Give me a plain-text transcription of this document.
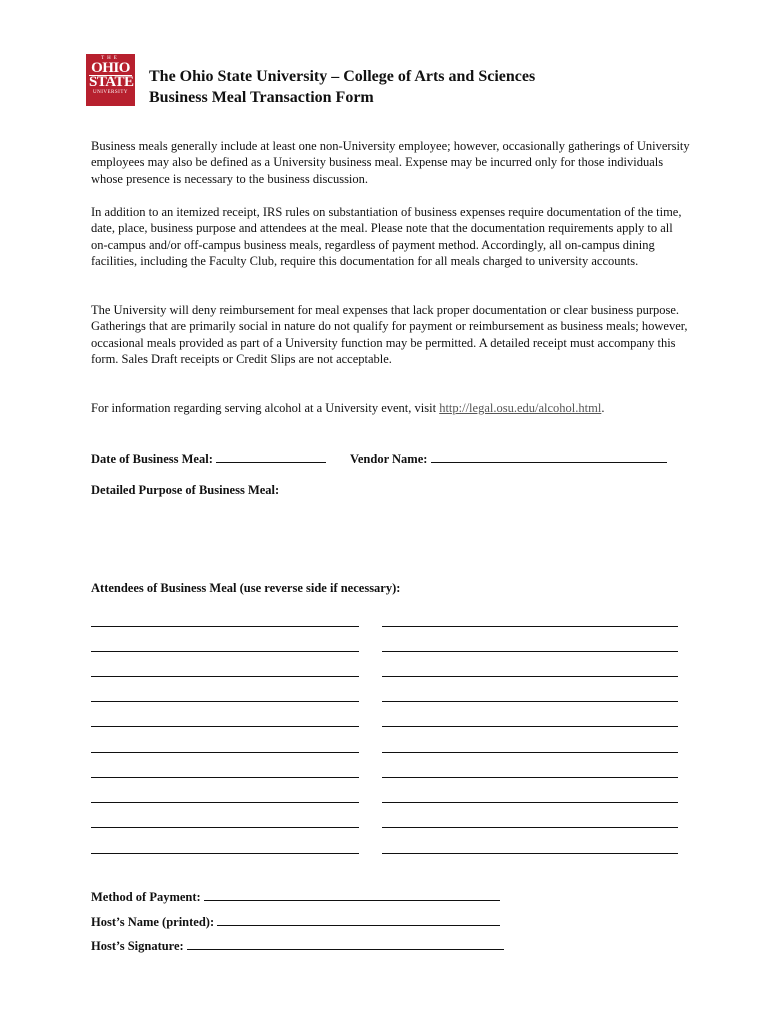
THE
OHIO
STATE
UNIVERSITY
The Ohio State University – College of Arts and Sciences
Business Meal Transaction Form

Business meals generally include at least one non-University employee; however, occasionally gatherings of University employees may also be defined as a University business meal. Expense may be incurred only for those individuals whose presence is necessary to the business discussion.

In addition to an itemized receipt, IRS rules on substantiation of business expenses require documentation of the time, date, place, business purpose and attendees at the meal. Please note that the documentation requirements apply to all on-campus and/or off-campus business meals, regardless of payment method. Accordingly, all on-campus dining facilities, including the Faculty Club, require this documentation for all meals charged to university accounts.

The University will deny reimbursement for meal expenses that lack proper documentation or clear business purpose. Gatherings that are primarily social in nature do not qualify for payment or reimbursement as business meals; however, occasional meals provided as part of a University function may be permitted. A detailed receipt must accompany this form. Sales Draft receipts or Credit Slips are not acceptable.

For information regarding serving alcohol at a University event, visit http://legal.osu.edu/alcohol.html.

Date of Business Meal:	Vendor Name:
Detailed Purpose of Business Meal:
Attendees of Business Meal (use reverse side if necessary):
Method of Payment:
Host’s Name (printed):
Host’s Signature:
